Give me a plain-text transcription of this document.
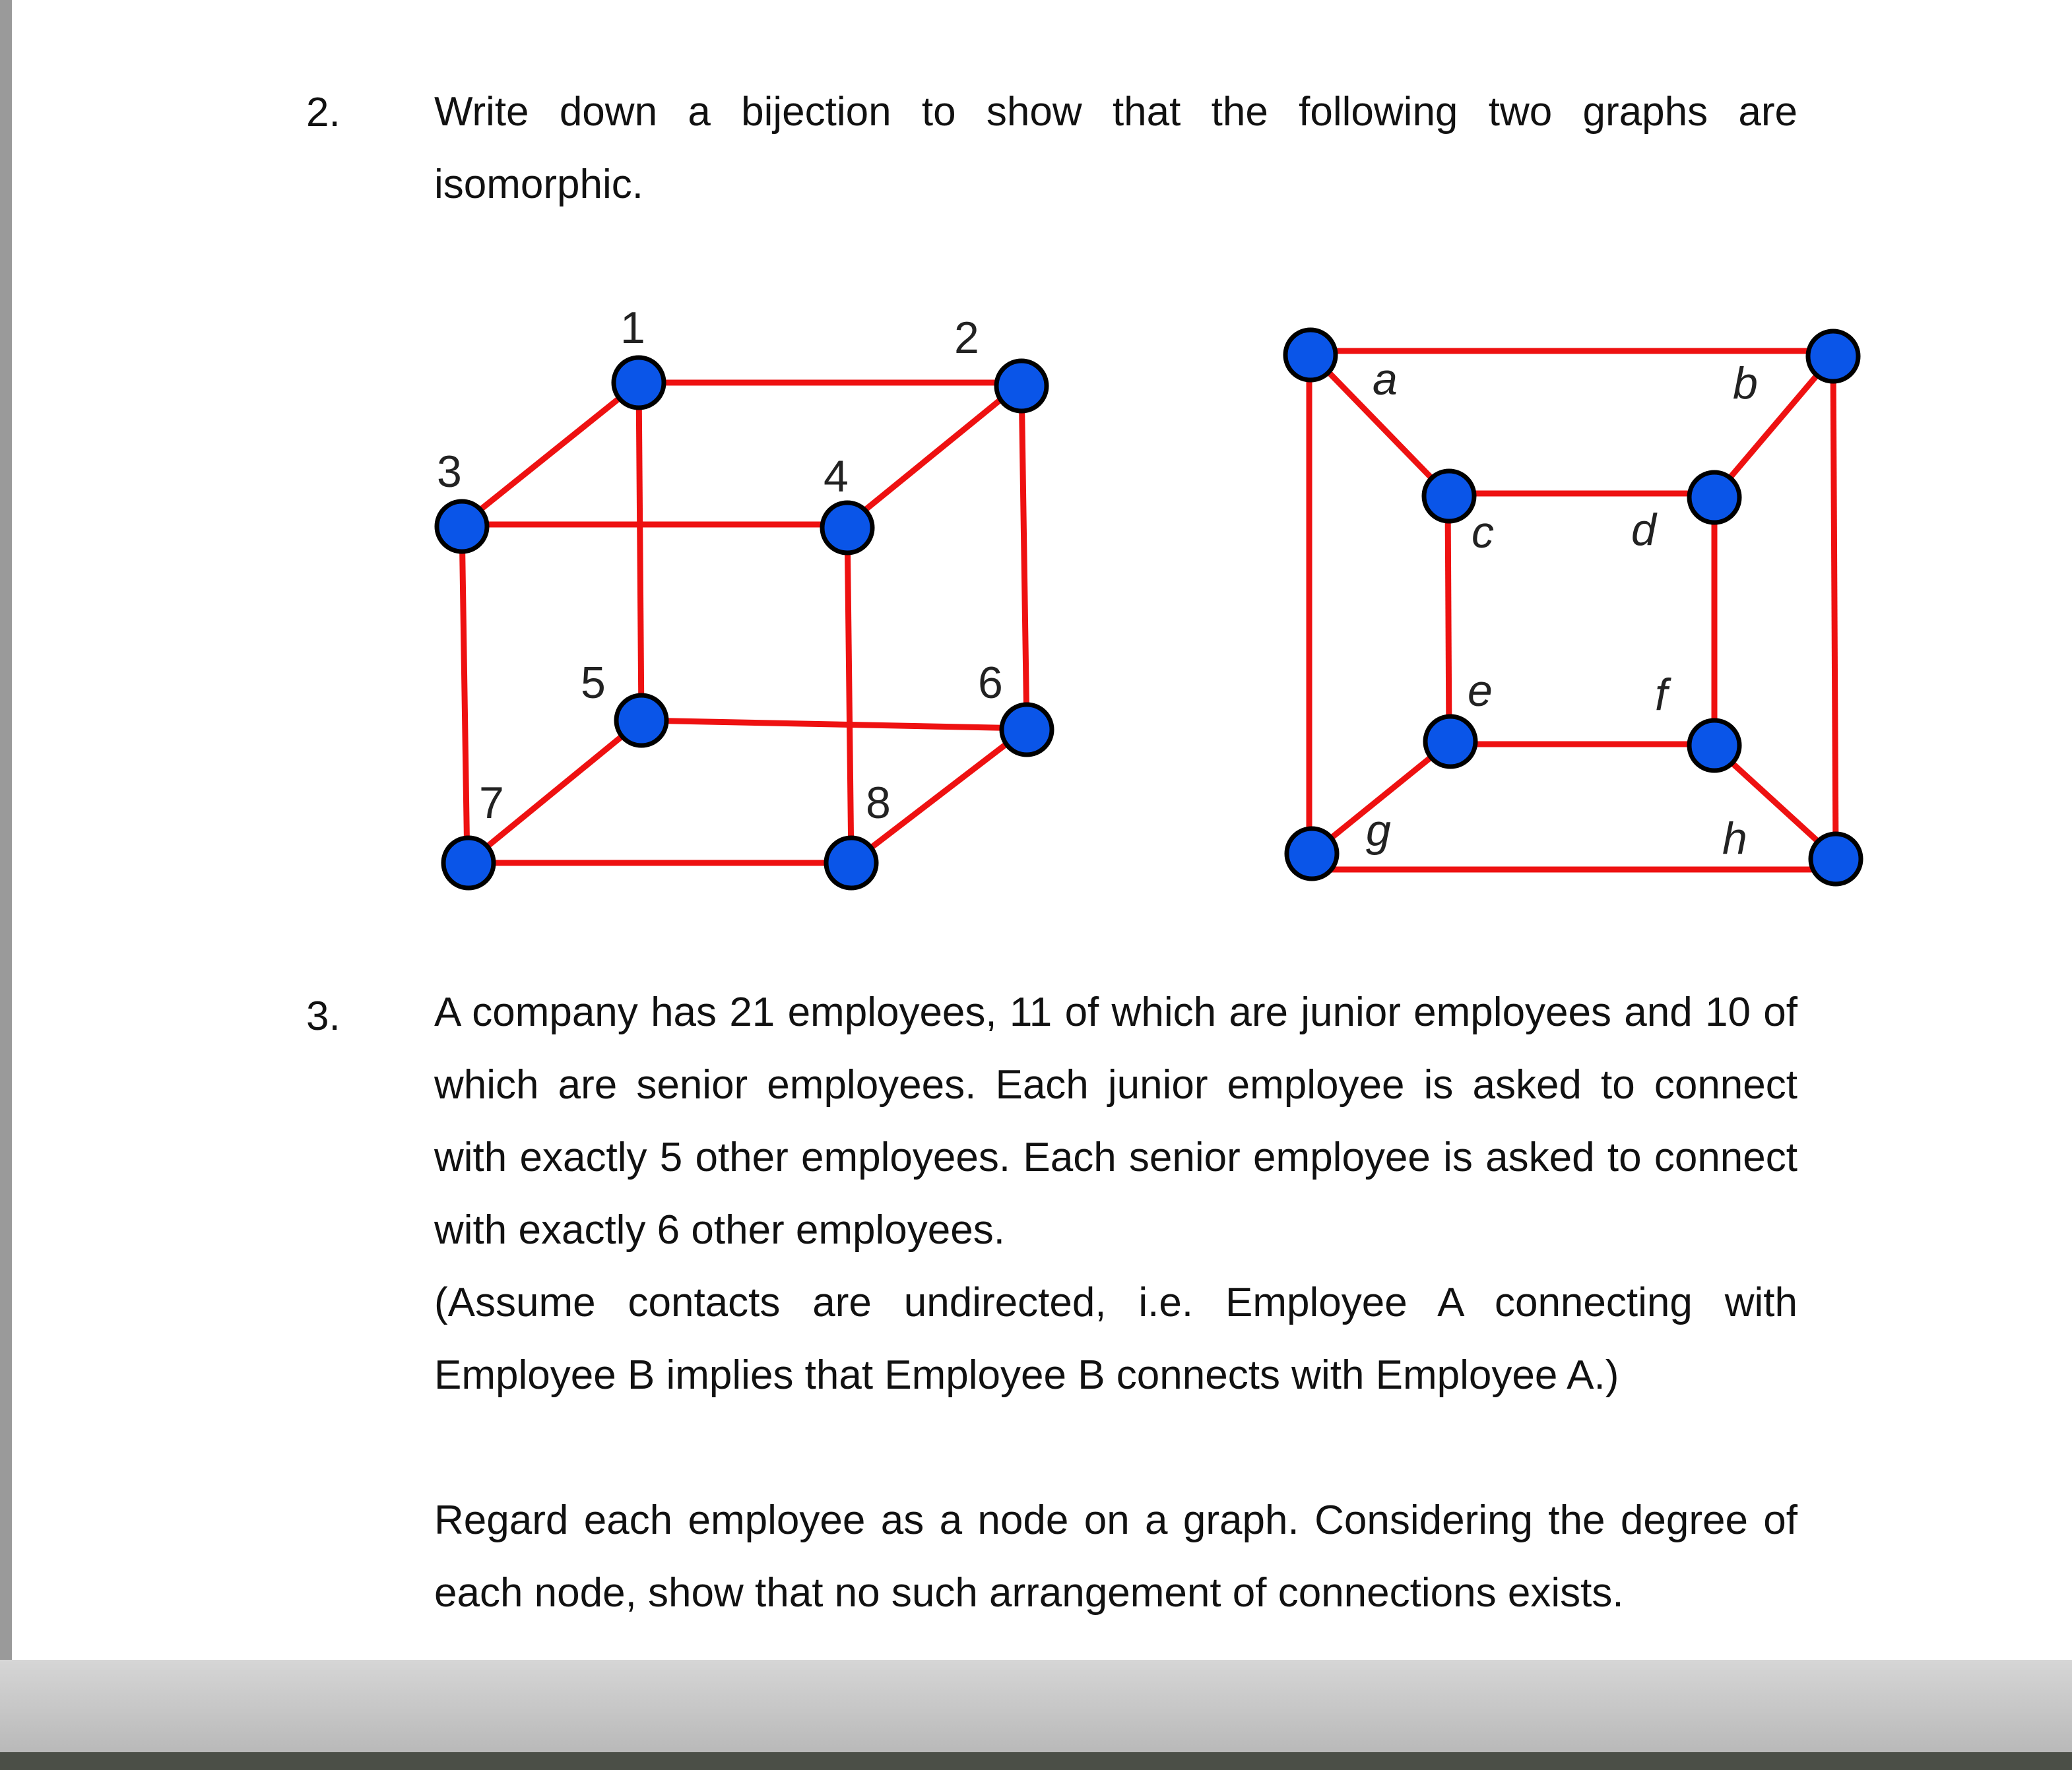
2. Write down a bijection to show that the following two graphs are

isomorphic.

1	2
3	4
5	6
7	8
a	b
c	d
e	f
g	h
3. A company has 21 employees, 11 of which are junior employees and 10 of which are senior employees. Each junior employee is asked to connect with exactly 5 other employees. Each senior employee is asked to connect with exactly 6 other employees.

(Assume contacts are undirected, i.e. Employee A connecting with Employee B implies that Employee B connects with Employee A.)

Regard each employee as a node on a graph. Considering the degree of each node, show that no such arrangement of connections exists.
